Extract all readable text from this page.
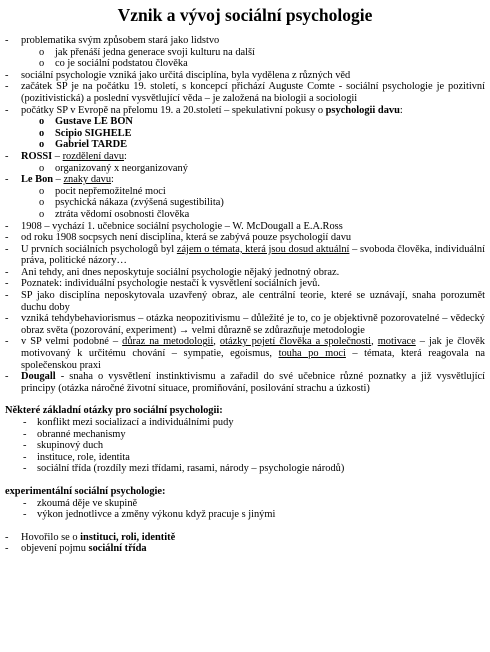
Vznik a vývoj sociální psychologie
- problematika svým způsobem stará jako lidstvo
o jak přenáší jedna generace svoji kulturu na další
o co je sociální podstatou člověka
- sociální psychologie vzniká jako určitá disciplína, byla vydělena z různých věd
- začátek SP je na počátku 19. století, s koncepcí přichází Auguste Comte - sociální psychologie je pozitivní (pozitivistická) a poslední vysvětlující věda – je založená na biologii a sociologii
- počátky SP v Evropě na přelomu 19. a 20.století – spekulativní pokusy o psychologii davu:
o Gustave LE BON
o Scipio SIGHELE
o Gabriel TARDE
- ROSSI – rozdělení davu:
o organizovaný x neorganizovaný
- Le Bon – znaky davu:
o pocit nepřemožitelné moci
o psychická nákaza (zvýšená sugestibilita)
o ztráta vědomí osobnosti člověka
- 1908 – vychází 1. učebnice sociální psychologie – W. McDougall a E.A.Ross
- od roku 1908 socpsych není disciplína, která se zabývá pouze psychologií davu
- U prvních sociálních psychologů byl zájem o témata, která jsou dosud aktuální – svoboda člověka, individuální práva, politické názory…
- Ani tehdy, ani dnes neposkytuje sociální psychologie nějaký jednotný obraz.
- Poznatek: individuální psychologie nestačí k vysvětlení sociálních jevů.
- SP jako disciplína neposkytovala uzavřený obraz, ale centrální teorie, které se uznávají, snaha porozumět duchu doby
- vzniká tehdybehaviorismus – otázka neopozitivismu – důležité je to, co je objektivně pozorovatelné – vědecký obraz světa (pozorování, experiment) → velmi důrazně se zdůrazňuje metodologie
- v SP velmi podobné – důraz na metodologii, otázky pojetí člověka a společnosti, motivace – jak je člověk motivovaný k určitému chování – sympatie, egoismus, touha po moci – témata, která reagovala na společenskou praxi
- Dougall - snaha o vysvětlení instinktivismu a zařadil do své učebnice různé poznatky a již vysvětlující principy (otázka náročné životní situace, promiňování, posilování strachu a úzkosti)
Některé základní otázky pro sociální psychologii:
- konflikt mezi socializací a individuálními pudy
- obranné mechanismy
- skupinový duch
- instituce, role, identita
- sociální třída (rozdíly mezi třídami, rasami, národy – psychologie národů)
experimentální sociální psychologie:
- zkoumá děje ve skupině
- výkon jednotlivce a změny výkonu když pracuje s jinými
- Hovořilo se o instituci, roli, identitě
- objevení pojmu sociální třída
